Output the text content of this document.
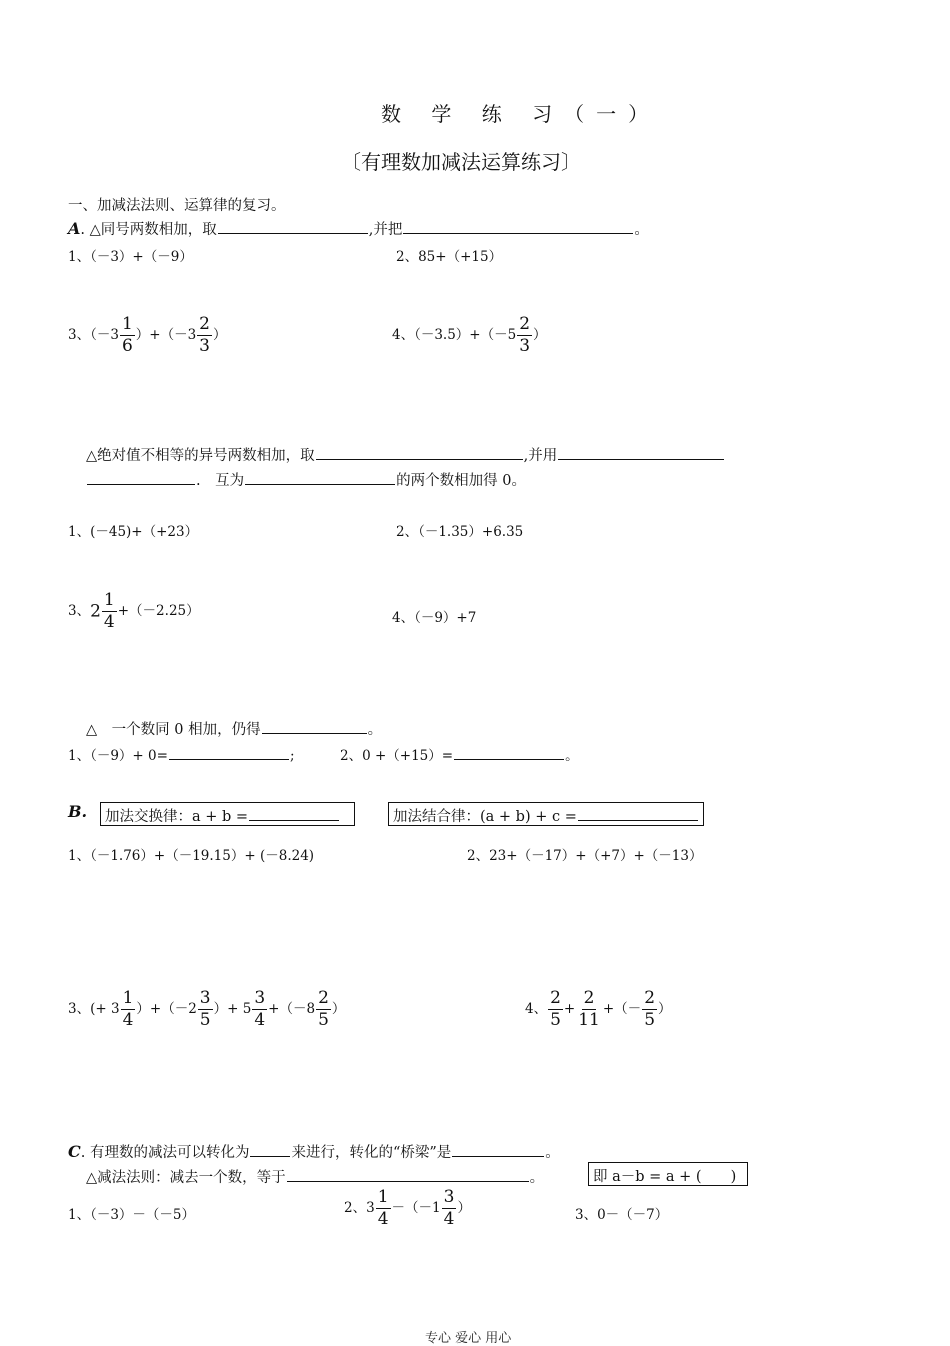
数 学 练 习（一）
〔有理数加减法运算练习〕
一、加减法法则、运算律的复习。
A. △同号两数相加，取	,并把	。
1、（－3）+（－9）	2、85+（+15）
3、$(-3 \frac{1}{6} )+(-3 \frac{2}{3}$ ）	4、$(-3.5)+(-5 \frac{2}{3}$ ）
△绝对值不相等的异号两数相加，取	,并用
.　互为	的两个数相加得 0。
1、(－45)+（+23）	2、（－1.35）+6.35
3、$2 \frac{1}{4} +(-2.25)$	4、（－9）+7
△　一个数同 0 相加，仍得	。
1、（－9）+ 0=	;	2、0 +（+15）=	。
B.	加法交换律：a + b =	加法结合律：(a + b) + c =
1、（－1.76）+（－19.15）+ (－8.24)	2、23+（－17）+（+7）+（－13）
3、(+ $3 \frac{1}{4} )+(-2 \frac{3}{5}$ ）+ $5 \frac{3}{4} +(-8 \frac{2}{5}$ ）	4、 $\frac{2}{5} + \frac{2}{11}$ +（－ $\frac{2}{5}$ ）
C. 有理数的减法可以转化为	来进行，转化的“桥梁”是	。
△减法法则：减去一个数，等于	。	即 a－b = a + (　　)
1、（－3）－（－5）	2、$3 \frac{1}{4} -(-1 \frac{3}{4}$ ）	3、0－（－7）
专心 爱心 用心
